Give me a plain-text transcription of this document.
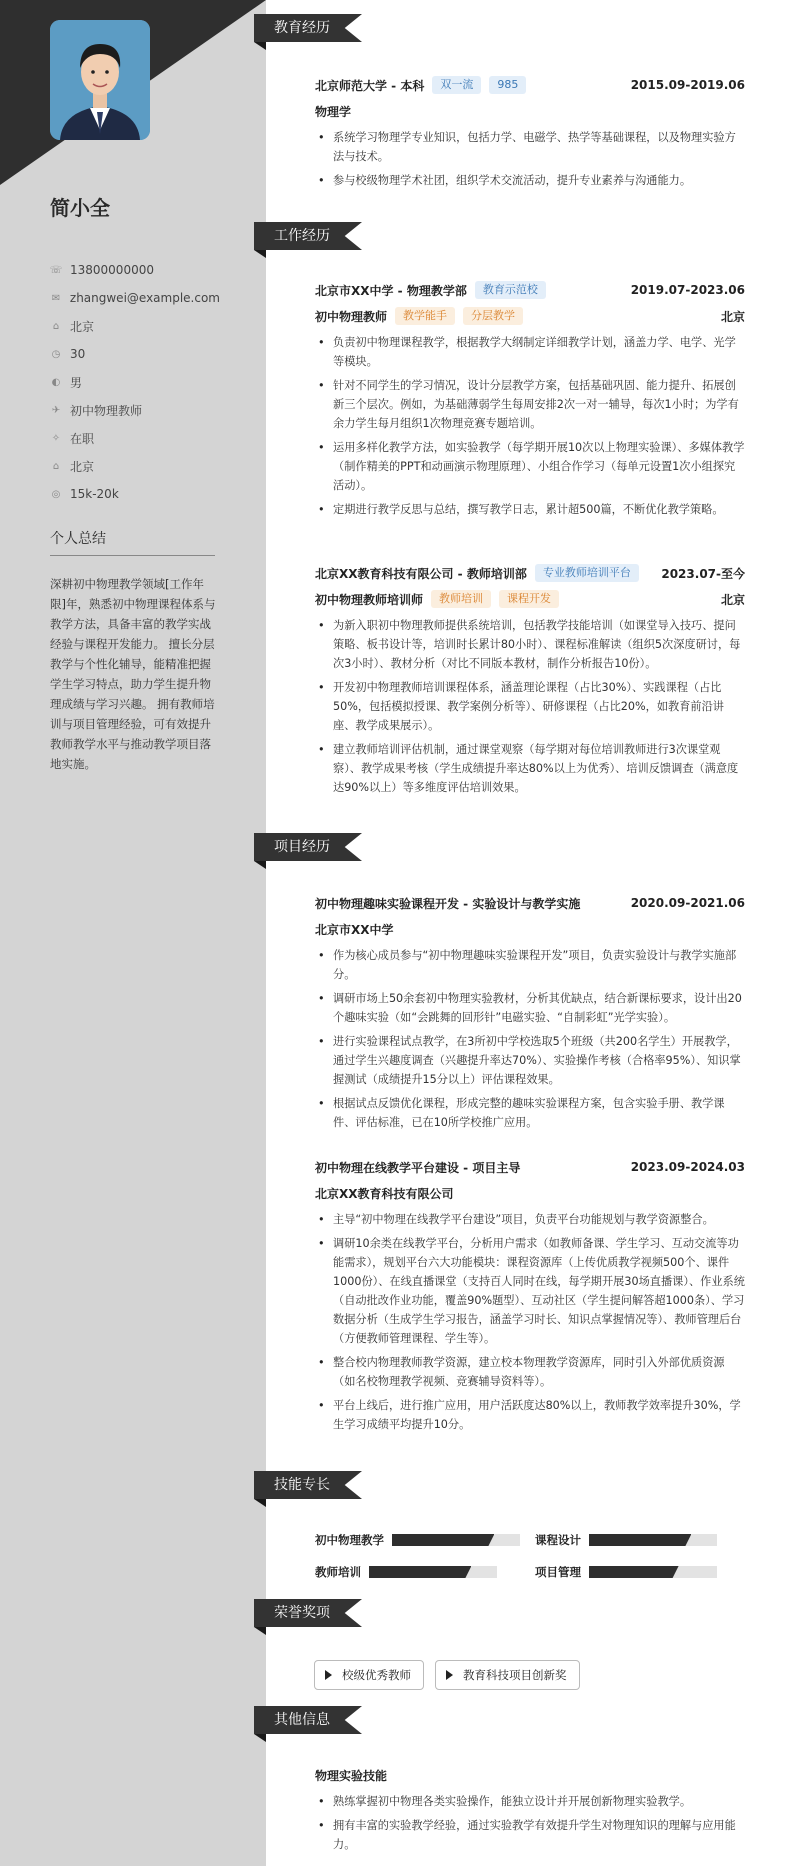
简小全
☏ 13800000000
✉ zhangwei@example.com
⌂ 北京
◷ 30
◐ 男
✈ 初中物理教师
✧ 在职
⌂ 北京
◎ 15k-20k
个人总结
深耕初中物理教学领域[工作年限]年，熟悉初中物理课程体系与教学方法，具备丰富的教学实战经验与课程开发能力。 擅长分层教学与个性化辅导，能精准把握学生学习特点，助力学生提升物理成绩与学习兴趣。 拥有教师培训与项目管理经验，可有效提升教师教学水平与推动教学项目落地实施。
教育经历
北京师范大学 - 本科	双一流	985	2015.09-2019.06
物理学
• 系统学习物理学专业知识，包括力学、电磁学、热学等基础课程，以及物理实验方法与技术。
• 参与校级物理学术社团，组织学术交流活动，提升专业素养与沟通能力。
工作经历
北京市XX中学 - 物理教学部	教育示范校	2019.07-2023.06
初中物理教师	教学能手	分层教学	北京
• 负责初中物理课程教学，根据教学大纲制定详细教学计划，涵盖力学、电学、光学等模块。
• 针对不同学生的学习情况，设计分层教学方案，包括基础巩固、能力提升、拓展创新三个层次。例如，为基础薄弱学生每周安排2次一对一辅导，每次1小时；为学有余力学生每月组织1次物理竞赛专题培训。
• 运用多样化教学方法，如实验教学（每学期开展10次以上物理实验课）、多媒体教学（制作精美的PPT和动画演示物理原理）、小组合作学习（每单元设置1次小组探究活动）。
• 定期进行教学反思与总结，撰写教学日志，累计超500篇，不断优化教学策略。
北京XX教育科技有限公司 - 教师培训部	专业教师培训平台	2023.07-至今
初中物理教师培训师	教师培训	课程开发	北京
• 为新入职初中物理教师提供系统培训，包括教学技能培训（如课堂导入技巧、提问策略、板书设计等，培训时长累计80小时）、课程标准解读（组织5次深度研讨，每次3小时）、教材分析（对比不同版本教材，制作分析报告10份）。
• 开发初中物理教师培训课程体系，涵盖理论课程（占比30%）、实践课程（占比50%，包括模拟授课、教学案例分析等）、研修课程（占比20%，如教育前沿讲座、教学成果展示）。
• 建立教师培训评估机制，通过课堂观察（每学期对每位培训教师进行3次课堂观察）、教学成果考核（学生成绩提升率达80%以上为优秀）、培训反馈调查（满意度达90%以上）等多维度评估培训效果。
项目经历
初中物理趣味实验课程开发 - 实验设计与教学实施	2020.09-2021.06
北京市XX中学
• 作为核心成员参与“初中物理趣味实验课程开发”项目，负责实验设计与教学实施部分。
• 调研市场上50余套初中物理实验教材，分析其优缺点，结合新课标要求，设计出20个趣味实验（如“会跳舞的回形针”电磁实验、“自制彩虹”光学实验）。
• 进行实验课程试点教学，在3所初中学校选取5个班级（共200名学生）开展教学，通过学生兴趣度调查（兴趣提升率达70%）、实验操作考核（合格率95%）、知识掌握测试（成绩提升15分以上）评估课程效果。
• 根据试点反馈优化课程，形成完整的趣味实验课程方案，包含实验手册、教学课件、评估标准，已在10所学校推广应用。
初中物理在线教学平台建设 - 项目主导	2023.09-2024.03
北京XX教育科技有限公司
• 主导“初中物理在线教学平台建设”项目，负责平台功能规划与教学资源整合。
• 调研10余类在线教学平台，分析用户需求（如教师备课、学生学习、互动交流等功能需求），规划平台六大功能模块：课程资源库（上传优质教学视频500个、课件1000份）、在线直播课堂（支持百人同时在线，每学期开展30场直播课）、作业系统（自动批改作业功能，覆盖90%题型）、互动社区（学生提问解答超1000条）、学习数据分析（生成学生学习报告，涵盖学习时长、知识点掌握情况等）、教师管理后台（方便教师管理课程、学生等）。
• 整合校内物理教师教学资源，建立校本物理教学资源库，同时引入外部优质资源（如名校物理教学视频、竞赛辅导资料等）。
• 平台上线后，进行推广应用，用户活跃度达80%以上，教师教学效率提升30%，学生学习成绩平均提升10分。
技能专长
初中物理教学	课程设计
教师培训	项目管理
荣誉奖项
校级优秀教师	教育科技项目创新奖
其他信息
物理实验技能
• 熟练掌握初中物理各类实验操作，能独立设计并开展创新物理实验教学。
• 拥有丰富的实验教学经验，通过实验教学有效提升学生对物理知识的理解与应用能力。
